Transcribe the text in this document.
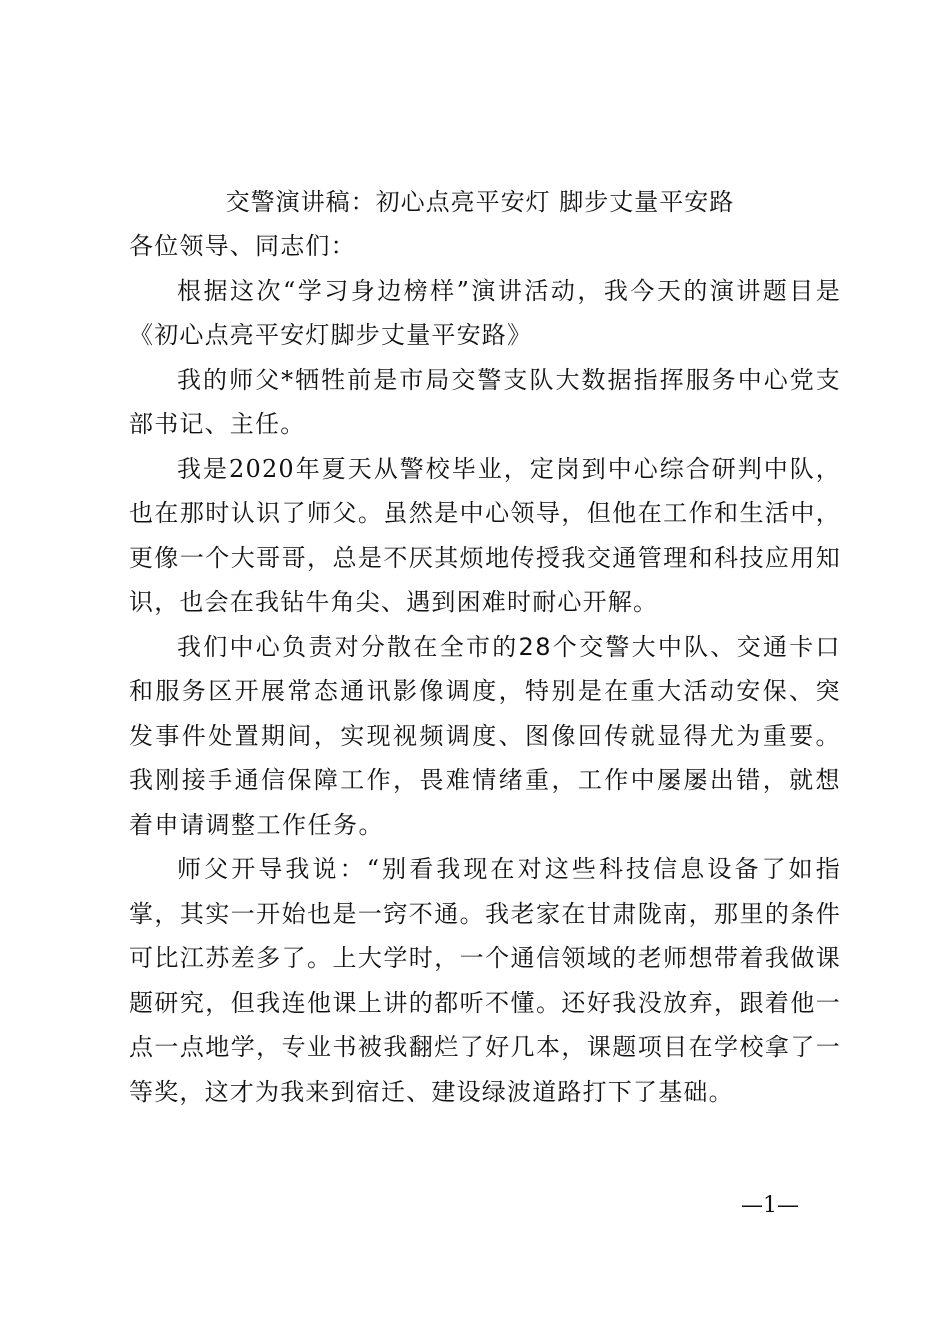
交警演讲稿：初心点亮平安灯 脚步丈量平安路

各位领导、同志们：

根据这次“学习身边榜样”演讲活动，我今天的演讲题目是《初心点亮平安灯脚步丈量平安路》

我的师父*牺牲前是市局交警支队大数据指挥服务中心党支部书记、主任。

我是2020年夏天从警校毕业，定岗到中心综合研判中队，也在那时认识了师父。虽然是中心领导，但他在工作和生活中，更像一个大哥哥，总是不厌其烦地传授我交通管理和科技应用知识，也会在我钻牛角尖、遇到困难时耐心开解。

我们中心负责对分散在全市的28个交警大中队、交通卡口和服务区开展常态通讯影像调度，特别是在重大活动安保、突发事件处置期间，实现视频调度、图像回传就显得尤为重要。我刚接手通信保障工作，畏难情绪重，工作中屡屡出错，就想着申请调整工作任务。

师父开导我说：“别看我现在对这些科技信息设备了如指掌，其实一开始也是一窍不通。我老家在甘肃陇南，那里的条件可比江苏差多了。上大学时，一个通信领域的老师想带着我做课题研究，但我连他课上讲的都听不懂。还好我没放弃，跟着他一点一点地学，专业书被我翻烂了好几本，课题项目在学校拿了一等奖，这才为我来到宿迁、建设绿波道路打下了基础。

—1—
